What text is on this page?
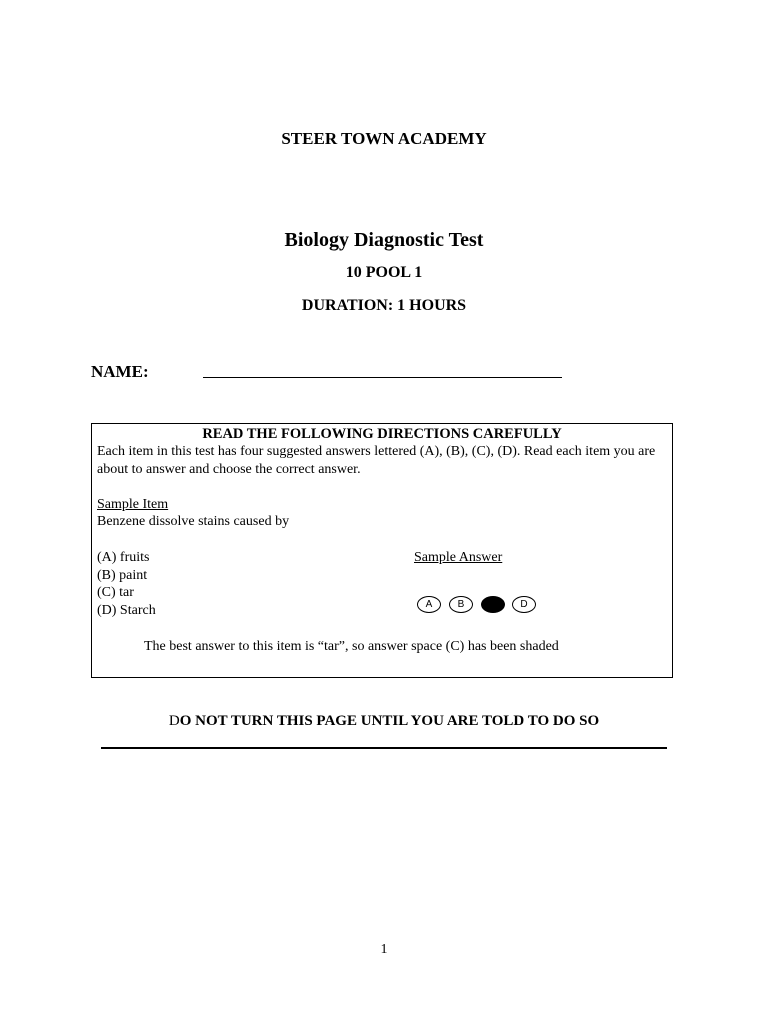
STEER TOWN ACADEMY
Biology Diagnostic Test
10 POOL 1
DURATION: 1 HOURS
NAME:
READ THE FOLLOWING DIRECTIONS CAREFULLY
Each item in this test has four suggested answers lettered (A), (B), (C), (D). Read each item you are about to answer and choose the correct answer.
Sample Item
Benzene dissolve stains caused by
(A) fruits
(B) paint
(C) tar
(D) Starch
Sample Answer
A	B	C	D
The best answer to this item is “tar”, so answer space (C) has been shaded
DO NOT TURN THIS PAGE UNTIL YOU ARE TOLD TO DO SO
1
